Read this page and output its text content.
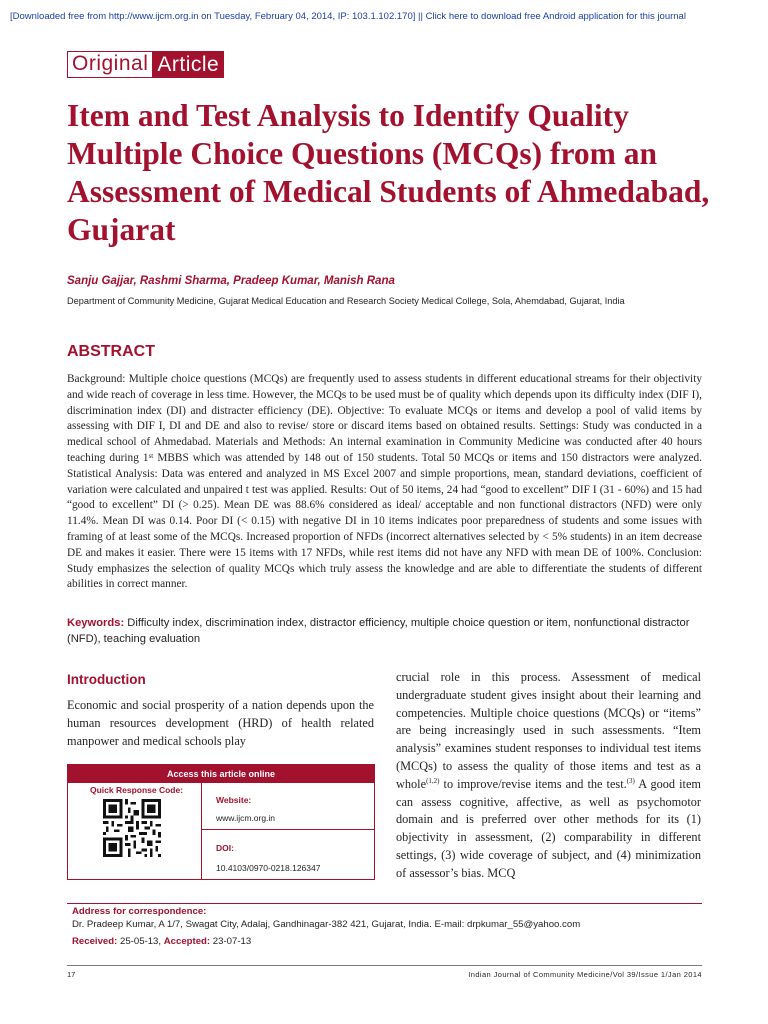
[Downloaded free from http://www.ijcm.org.in on Tuesday, February 04, 2014, IP: 103.1.102.170] || Click here to download free Android application for this journal
Original Article
Item and Test Analysis to Identify Quality Multiple Choice Questions (MCQs) from an Assessment of Medical Students of Ahmedabad, Gujarat
Sanju Gajjar, Rashmi Sharma, Pradeep Kumar, Manish Rana
Department of Community Medicine, Gujarat Medical Education and Research Society Medical College, Sola, Ahemdabad, Gujarat, India
ABSTRACT

Background: Multiple choice questions (MCQs) are frequently used to assess students in different educational streams for their objectivity and wide reach of coverage in less time. However, the MCQs to be used must be of quality which depends upon its difficulty index (DIF I), discrimination index (DI) and distracter efficiency (DE). Objective: To evaluate MCQs or items and develop a pool of valid items by assessing with DIF I, DI and DE and also to revise/ store or discard items based on obtained results. Settings: Study was conducted in a medical school of Ahmedabad. Materials and Methods: An internal examination in Community Medicine was conducted after 40 hours teaching during 1st MBBS which was attended by 148 out of 150 students. Total 50 MCQs or items and 150 distractors were analyzed. Statistical Analysis: Data was entered and analyzed in MS Excel 2007 and simple proportions, mean, standard deviations, coefficient of variation were calculated and unpaired t test was applied. Results: Out of 50 items, 24 had “good to excellent” DIF I (31 - 60%) and 15 had “good to excellent” DI (> 0.25). Mean DE was 88.6% considered as ideal/ acceptable and non functional distractors (NFD) were only 11.4%. Mean DI was 0.14. Poor DI (< 0.15) with negative DI in 10 items indicates poor preparedness of students and some issues with framing of at least some of the MCQs. Increased proportion of NFDs (incorrect alternatives selected by < 5% students) in an item decrease DE and makes it easier. There were 15 items with 17 NFDs, while rest items did not have any NFD with mean DE of 100%. Conclusion: Study emphasizes the selection of quality MCQs which truly assess the knowledge and are able to differentiate the students of different abilities in correct manner.

Keywords: Difficulty index, discrimination index, distractor efficiency, multiple choice question or item, nonfunctional distractor (NFD), teaching evaluation

Introduction

Economic and social prosperity of a nation depends upon the human resources development (HRD) of health related manpower and medical schools play

Access this article online
Quick Response Code:
Website:
www.ijcm.org.in
DOI:
10.4103/0970-0218.126347

crucial role in this process. Assessment of medical undergraduate student gives insight about their learning and competencies. Multiple choice questions (MCQs) or “items” are being increasingly used in such assessments. “Item analysis” examines student responses to individual test items (MCQs) to assess the quality of those items and test as a whole$^{(1,2)}$ to improve/revise items and the test.$^{(3)}$ A good item can assess cognitive, affective, as well as psychomotor domain and is preferred over other methods for its (1) objectivity in assessment, (2) comparability in different settings, (3) wide coverage of subject, and (4) minimization of assessor’s bias. MCQ

Address for correspondence:
Dr. Pradeep Kumar, A 1/7, Swagat City, Adalaj, Gandhinagar-382 421, Gujarat, India. E-mail: drpkumar_55@yahoo.com
Received: 25-05-13, Accepted: 23-07-13
17	Indian Journal of Community Medicine/Vol 39/Issue 1/Jan 2014
